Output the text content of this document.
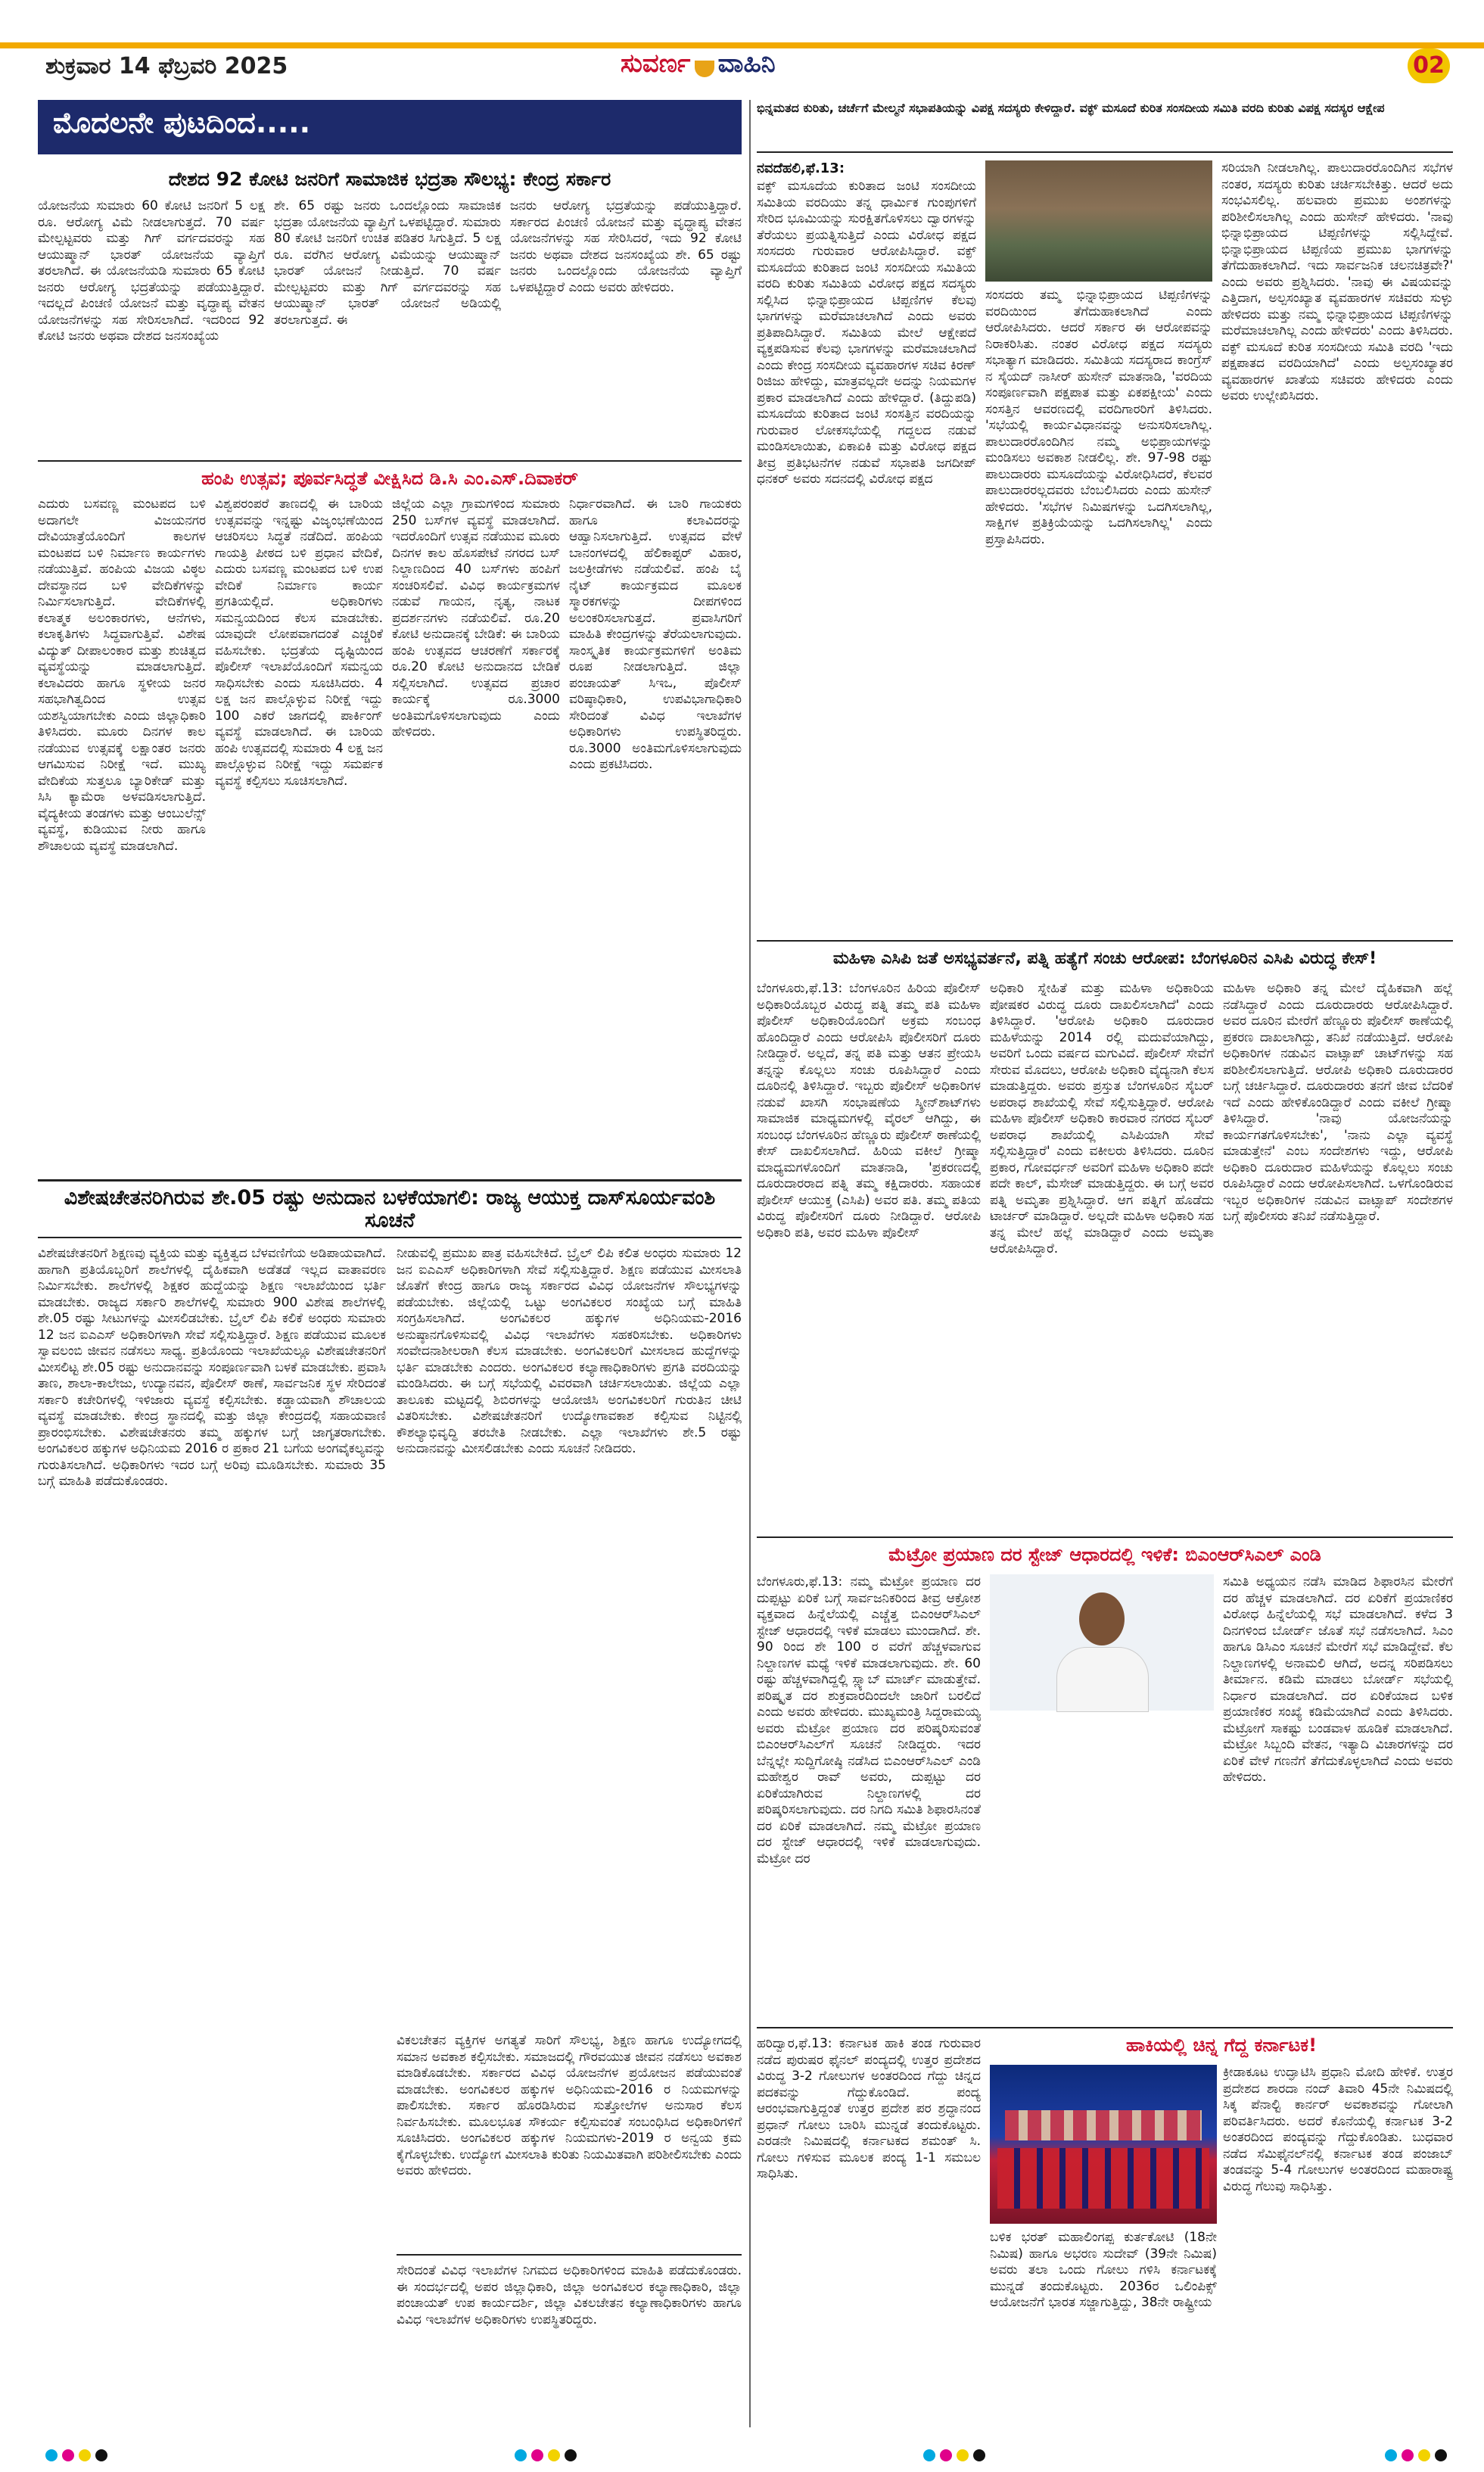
ಶುಕ್ರವಾರ 14 ಫೆಬ್ರವರಿ 2025	ಸುವರ್ಣ ವಾಹಿನಿ	02
ಮೊದಲನೇ ಪುಟದಿಂದ.....	ಭಿನ್ನಮತದ ಕುರಿತು, ಚರ್ಚೆಗೆ ಮೇಲ್ಮನೆ ಸಭಾಪತಿಯನ್ನು ವಿಪಕ್ಷ ಸದಸ್ಯರು ಕೇಳಿದ್ದಾರೆ. ವಕ್ಫ್ ಮಸೂದೆ ಕುರಿತ ಸಂಸದೀಯ ಸಮಿತಿ ವರದಿ ಕುರಿತು ವಿಪಕ್ಷ ಸದಸ್ಯರ ಆಕ್ಷೇಪ
ದೇಶದ 92 ಕೋಟಿ ಜನರಿಗೆ ಸಾಮಾಜಿಕ ಭದ್ರತಾ ಸೌಲಭ್ಯ: ಕೇಂದ್ರ ಸರ್ಕಾರ
ಯೋಜನೆಯ ಸುಮಾರು 60 ಕೋಟಿ ಜನರಿಗೆ 5 ಲಕ್ಷ ರೂ. ಆರೋಗ್ಯ ವಿಮೆ ನೀಡಲಾಗುತ್ತದೆ. 70 ವರ್ಷ ಮೇಲ್ಪಟ್ಟವರು ಮತ್ತು ಗಿಗ್ ವರ್ಗದವರನ್ನು ಸಹ ಆಯುಷ್ಮಾನ್ ಭಾರತ್ ಯೋಜನೆಯ ವ್ಯಾಪ್ತಿಗೆ ತರಲಾಗಿದೆ. ಈ ಯೋಜನೆಯಡಿ ಸುಮಾರು 65 ಕೋಟಿ ಜನರು ಆರೋಗ್ಯ ಭದ್ರತೆಯನ್ನು ಪಡೆಯುತ್ತಿದ್ದಾರೆ. ಇದಲ್ಲದೆ ಪಿಂಚಣಿ ಯೋಜನೆ ಮತ್ತು ವೃದ್ಧಾಪ್ಯ ವೇತನ ಯೋಜನೆಗಳನ್ನು ಸಹ ಸೇರಿಸಲಾಗಿದೆ. ಇದರಿಂದ 92 ಕೋಟಿ ಜನರು ಅಥವಾ ದೇಶದ ಜನಸಂಖ್ಯೆಯ
ಶೇ. 65 ರಷ್ಟು ಜನರು ಒಂದಲ್ಲೊಂದು ಸಾಮಾಜಿಕ ಭದ್ರತಾ ಯೋಜನೆಯ ವ್ಯಾಪ್ತಿಗೆ ಒಳಪಟ್ಟಿದ್ದಾರೆ. ಸುಮಾರು 80 ಕೋಟಿ ಜನರಿಗೆ ಉಚಿತ ಪಡಿತರ ಸಿಗುತ್ತಿದೆ. 5 ಲಕ್ಷ ರೂ. ವರೆಗಿನ ಆರೋಗ್ಯ ವಿಮೆಯನ್ನು ಆಯುಷ್ಮಾನ್ ಭಾರತ್ ಯೋಜನೆ ನೀಡುತ್ತಿದೆ. 70 ವರ್ಷ ಮೇಲ್ಪಟ್ಟವರು ಮತ್ತು ಗಿಗ್ ವರ್ಗದವರನ್ನು ಸಹ ಆಯುಷ್ಮಾನ್ ಭಾರತ್ ಯೋಜನೆ ಅಡಿಯಲ್ಲಿ ತರಲಾಗುತ್ತದೆ. ಈ
ಜನರು ಆರೋಗ್ಯ ಭದ್ರತೆಯನ್ನು ಪಡೆಯುತ್ತಿದ್ದಾರೆ. ಸರ್ಕಾರದ ಪಿಂಚಣಿ ಯೋಜನೆ ಮತ್ತು ವೃದ್ಧಾಪ್ಯ ವೇತನ ಯೋಜನೆಗಳನ್ನು ಸಹ ಸೇರಿಸಿದರೆ, ಇದು 92 ಕೋಟಿ ಜನರು ಅಥವಾ ದೇಶದ ಜನಸಂಖ್ಯೆಯ ಶೇ. 65 ರಷ್ಟು ಜನರು ಒಂದಲ್ಲೊಂದು ಯೋಜನೆಯ ವ್ಯಾಪ್ತಿಗೆ ಒಳಪಟ್ಟಿದ್ದಾರೆ ಎಂದು ಅವರು ಹೇಳಿದರು.
ಹಂಪಿ ಉತ್ಸವ; ಪೂರ್ವಸಿದ್ಧತೆ ವೀಕ್ಷಿಸಿದ ಡಿ.ಸಿ ಎಂ.ಎಸ್.ದಿವಾಕರ್
ಎದುರು ಬಸವಣ್ಣ ಮಂಟಪದ ಬಳಿ ಅದಾಗಲೇ ವಿಜಯನಗರ ದೇವಿಯಾತ್ರೆಯೊಂದಿಗೆ ಕಾಲಗಳ ಮಂಟಪದ ಬಳಿ ನಿರ್ಮಾಣ ಕಾರ್ಯಗಳು ನಡೆಯುತ್ತಿವೆ. ಹಂಪಿಯ ವಿಜಯ ವಿಠ್ಠಲ ದೇವಸ್ಥಾನದ ಬಳಿ ವೇದಿಕೆಗಳನ್ನು ನಿರ್ಮಿಸಲಾಗುತ್ತಿದೆ. ವೇದಿಕೆಗಳಲ್ಲಿ ಕಲಾತ್ಮಕ ಅಲಂಕಾರಗಳು, ಆನೆಗಳು, ಕಲಾಕೃತಿಗಳು ಸಿದ್ಧವಾಗುತ್ತಿವೆ. ವಿಶೇಷ ವಿದ್ಯುತ್ ದೀಪಾಲಂಕಾರ ಮತ್ತು ಶುಚಿತ್ವದ ವ್ಯವಸ್ಥೆಯನ್ನು ಮಾಡಲಾಗುತ್ತಿದೆ. ಕಲಾವಿದರು ಹಾಗೂ ಸ್ಥಳೀಯ ಜನರ ಸಹಭಾಗಿತ್ವದಿಂದ ಉತ್ಸವ ಯಶಸ್ವಿಯಾಗಬೇಕು ಎಂದು ಜಿಲ್ಲಾಧಿಕಾರಿ ತಿಳಿಸಿದರು. ಮೂರು ದಿನಗಳ ಕಾಲ ನಡೆಯುವ ಉತ್ಸವಕ್ಕೆ ಲಕ್ಷಾಂತರ ಜನರು ಆಗಮಿಸುವ ನಿರೀಕ್ಷೆ ಇದೆ. ಮುಖ್ಯ ವೇದಿಕೆಯ ಸುತ್ತಲೂ ಬ್ಯಾರಿಕೇಡ್ ಮತ್ತು ಸಿಸಿ ಕ್ಯಾಮೆರಾ ಅಳವಡಿಸಲಾಗುತ್ತಿದೆ. ವೈದ್ಯಕೀಯ ತಂಡಗಳು ಮತ್ತು ಆಂಬುಲೆನ್ಸ್ ವ್ಯವಸ್ಥೆ, ಕುಡಿಯುವ ನೀರು ಹಾಗೂ ಶೌಚಾಲಯ ವ್ಯವಸ್ಥೆ ಮಾಡಲಾಗಿದೆ.
ವಿಶ್ವಪರಂಪರೆ ತಾಣದಲ್ಲಿ ಈ ಬಾರಿಯ ಉತ್ಸವವನ್ನು ಇನ್ನಷ್ಟು ವಿಜೃಂಭಣೆಯಿಂದ ಆಚರಿಸಲು ಸಿದ್ಧತೆ ನಡೆದಿದೆ. ಹಂಪಿಯ ಗಾಯತ್ರಿ ಪೀಠದ ಬಳಿ ಪ್ರಧಾನ ವೇದಿಕೆ, ಎದುರು ಬಸವಣ್ಣ ಮಂಟಪದ ಬಳಿ ಉಪ ವೇದಿಕೆ ನಿರ್ಮಾಣ ಕಾರ್ಯ ಪ್ರಗತಿಯಲ್ಲಿದೆ. ಅಧಿಕಾರಿಗಳು ಸಮನ್ವಯದಿಂದ ಕೆಲಸ ಮಾಡಬೇಕು. ಯಾವುದೇ ಲೋಪವಾಗದಂತೆ ಎಚ್ಚರಿಕೆ ವಹಿಸಬೇಕು. ಭದ್ರತೆಯ ದೃಷ್ಟಿಯಿಂದ ಪೊಲೀಸ್ ಇಲಾಖೆಯೊಂದಿಗೆ ಸಮನ್ವಯ ಸಾಧಿಸಬೇಕು ಎಂದು ಸೂಚಿಸಿದರು. 4 ಲಕ್ಷ ಜನ ಪಾಲ್ಗೊಳ್ಳುವ ನಿರೀಕ್ಷೆ ಇದ್ದು 100 ಎಕರೆ ಜಾಗದಲ್ಲಿ ಪಾರ್ಕಿಂಗ್ ವ್ಯವಸ್ಥೆ ಮಾಡಲಾಗಿದೆ. ಈ ಬಾರಿಯ ಹಂಪಿ ಉತ್ಸವದಲ್ಲಿ ಸುಮಾರು 4 ಲಕ್ಷ ಜನ ಪಾಲ್ಗೊಳ್ಳುವ ನಿರೀಕ್ಷೆ ಇದ್ದು ಸಮರ್ಪಕ ವ್ಯವಸ್ಥೆ ಕಲ್ಪಿಸಲು ಸೂಚಿಸಲಾಗಿದೆ.
ಜಿಲ್ಲೆಯ ಎಲ್ಲಾ ಗ್ರಾಮಗಳಿಂದ ಸುಮಾರು 250 ಬಸ್‌ಗಳ ವ್ಯವಸ್ಥೆ ಮಾಡಲಾಗಿದೆ. ಇದರೊಂದಿಗೆ ಉತ್ಸವ ನಡೆಯುವ ಮೂರು ದಿನಗಳ ಕಾಲ ಹೊಸಪೇಟೆ ನಗರದ ಬಸ್ ನಿಲ್ದಾಣದಿಂದ 40 ಬಸ್‌ಗಳು ಹಂಪಿಗೆ ಸಂಚರಿಸಲಿವೆ. ವಿವಿಧ ಕಾರ್ಯಕ್ರಮಗಳ ನಡುವೆ ಗಾಯನ, ನೃತ್ಯ, ನಾಟಕ ಪ್ರದರ್ಶನಗಳು ನಡೆಯಲಿವೆ. ರೂ.20 ಕೋಟಿ ಅನುದಾನಕ್ಕೆ ಬೇಡಿಕೆ: ಈ ಬಾರಿಯ ಹಂಪಿ ಉತ್ಸವದ ಆಚರಣೆಗೆ ಸರ್ಕಾರಕ್ಕೆ ರೂ.20 ಕೋಟಿ ಅನುದಾನದ ಬೇಡಿಕೆ ಸಲ್ಲಿಸಲಾಗಿದೆ. ಉತ್ಸವದ ಪ್ರಚಾರ ಕಾರ್ಯಕ್ಕೆ ರೂ.3000 ಅಂತಿಮಗೊಳಿಸಲಾಗುವುದು ಎಂದು ಹೇಳಿದರು.
ನಿರ್ಧಾರವಾಗಿದೆ. ಈ ಬಾರಿ ಗಾಯಕರು ಹಾಗೂ ಕಲಾವಿದರನ್ನು ಆಹ್ವಾನಿಸಲಾಗುತ್ತಿದೆ. ಉತ್ಸವದ ವೇಳೆ ಬಾನಂಗಳದಲ್ಲಿ ಹೆಲಿಕಾಪ್ಟರ್ ವಿಹಾರ, ಜಲಕ್ರೀಡೆಗಳು ನಡೆಯಲಿವೆ. ಹಂಪಿ ಬೈ ನೈಟ್ ಕಾರ್ಯಕ್ರಮದ ಮೂಲಕ ಸ್ಮಾರಕಗಳನ್ನು ದೀಪಗಳಿಂದ ಅಲಂಕರಿಸಲಾಗುತ್ತದೆ. ಪ್ರವಾಸಿಗರಿಗೆ ಮಾಹಿತಿ ಕೇಂದ್ರಗಳನ್ನು ತೆರೆಯಲಾಗುವುದು. ಸಾಂಸ್ಕೃತಿಕ ಕಾರ್ಯಕ್ರಮಗಳಿಗೆ ಅಂತಿಮ ರೂಪ ನೀಡಲಾಗುತ್ತಿದೆ. ಜಿಲ್ಲಾ ಪಂಚಾಯತ್ ಸಿಇಒ, ಪೊಲೀಸ್ ವರಿಷ್ಠಾಧಿಕಾರಿ, ಉಪವಿಭಾಗಾಧಿಕಾರಿ ಸೇರಿದಂತೆ ವಿವಿಧ ಇಲಾಖೆಗಳ ಅಧಿಕಾರಿಗಳು ಉಪಸ್ಥಿತರಿದ್ದರು. ರೂ.3000 ಅಂತಿಮಗೊಳಿಸಲಾಗುವುದು ಎಂದು ಪ್ರಕಟಿಸಿದರು.
ವಿಶೇಷಚೇತನರಿಗಿರುವ ಶೇ.05 ರಷ್ಟು ಅನುದಾನ ಬಳಕೆಯಾಗಲಿ: ರಾಜ್ಯ ಆಯುಕ್ತ ದಾಸ್‌ಸೂರ್ಯವಂಶಿ ಸೂಚನೆ
ವಿಶೇಷಚೇತನರಿಗೆ ಶಿಕ್ಷಣವು ವ್ಯಕ್ತಿಯ ಮತ್ತು ವ್ಯಕ್ತಿತ್ವದ ಬೆಳವಣಿಗೆಯ ಅಡಿಪಾಯವಾಗಿದೆ. ಹಾಗಾಗಿ ಪ್ರತಿಯೊಬ್ಬರಿಗೆ ಶಾಲೆಗಳಲ್ಲಿ ದೈಹಿಕವಾಗಿ ಅಡೆತಡೆ ಇಲ್ಲದ ವಾತಾವರಣ ನಿರ್ಮಿಸಬೇಕು. ಶಾಲೆಗಳಲ್ಲಿ ಶಿಕ್ಷಕರ ಹುದ್ದೆಯನ್ನು ಶಿಕ್ಷಣ ಇಲಾಖೆಯಿಂದ ಭರ್ತಿ ಮಾಡಬೇಕು. ರಾಜ್ಯದ ಸರ್ಕಾರಿ ಶಾಲೆಗಳಲ್ಲಿ ಸುಮಾರು 900 ವಿಶೇಷ ಶಾಲೆಗಳಲ್ಲಿ ಶೇ.05 ರಷ್ಟು ಸೀಟುಗಳನ್ನು ಮೀಸಲಿಡಬೇಕು. ಬ್ರೈಲ್ ಲಿಪಿ ಕಲಿಕೆ ಅಂಧರು ಸುಮಾರು 12 ಜನ ಐಎಎಸ್ ಅಧಿಕಾರಿಗಳಾಗಿ ಸೇವೆ ಸಲ್ಲಿಸುತ್ತಿದ್ದಾರೆ. ಶಿಕ್ಷಣ ಪಡೆಯುವ ಮೂಲಕ ಸ್ವಾವಲಂಬಿ ಜೀವನ ನಡೆಸಲು ಸಾಧ್ಯ. ಪ್ರತಿಯೊಂದು ಇಲಾಖೆಯಲ್ಲೂ ವಿಶೇಷಚೇತನರಿಗೆ ಮೀಸಲಿಟ್ಟ ಶೇ.05 ರಷ್ಟು ಅನುದಾನವನ್ನು ಸಂಪೂರ್ಣವಾಗಿ ಬಳಕೆ ಮಾಡಬೇಕು. ಪ್ರವಾಸಿ ತಾಣ, ಶಾಲಾ-ಕಾಲೇಜು, ಉದ್ಯಾನವನ, ಪೊಲೀಸ್ ಠಾಣೆ, ಸಾರ್ವಜನಿಕ ಸ್ಥಳ ಸೇರಿದಂತೆ ಸರ್ಕಾರಿ ಕಚೇರಿಗಳಲ್ಲಿ ಇಳಿಜಾರು ವ್ಯವಸ್ಥೆ ಕಲ್ಪಿಸಬೇಕು. ಕಡ್ಡಾಯವಾಗಿ ಶೌಚಾಲಯ ವ್ಯವಸ್ಥೆ ಮಾಡಬೇಕು. ಕೇಂದ್ರ ಸ್ಥಾನದಲ್ಲಿ ಮತ್ತು ಜಿಲ್ಲಾ ಕೇಂದ್ರದಲ್ಲಿ ಸಹಾಯವಾಣಿ ಪ್ರಾರಂಭಿಸಬೇಕು. ವಿಶೇಷಚೇತನರು ತಮ್ಮ ಹಕ್ಕುಗಳ ಬಗ್ಗೆ ಜಾಗೃತರಾಗಬೇಕು. ಅಂಗವಿಕಲರ ಹಕ್ಕುಗಳ ಅಧಿನಿಯಮ 2016 ರ ಪ್ರಕಾರ 21 ಬಗೆಯ ಅಂಗವೈಕಲ್ಯವನ್ನು ಗುರುತಿಸಲಾಗಿದೆ. ಅಧಿಕಾರಿಗಳು ಇದರ ಬಗ್ಗೆ ಅರಿವು ಮೂಡಿಸಬೇಕು. ಸುಮಾರು 35 ಬಗ್ಗೆ ಮಾಹಿತಿ ಪಡೆದುಕೊಂಡರು.
ನೀಡುವಲ್ಲಿ ಪ್ರಮುಖ ಪಾತ್ರ ವಹಿಸಬೇಕಿದೆ. ಬ್ರೈಲ್ ಲಿಪಿ ಕಲಿತ ಅಂಧರು ಸುಮಾರು 12 ಜನ ಐಎಎಸ್ ಅಧಿಕಾರಿಗಳಾಗಿ ಸೇವೆ ಸಲ್ಲಿಸುತ್ತಿದ್ದಾರೆ. ಶಿಕ್ಷಣ ಪಡೆಯುವ ಮೀಸಲಾತಿ ಜೊತೆಗೆ ಕೇಂದ್ರ ಹಾಗೂ ರಾಜ್ಯ ಸರ್ಕಾರದ ವಿವಿಧ ಯೋಜನೆಗಳ ಸೌಲಭ್ಯಗಳನ್ನು ಪಡೆಯಬೇಕು. ಜಿಲ್ಲೆಯಲ್ಲಿ ಒಟ್ಟು ಅಂಗವಿಕಲರ ಸಂಖ್ಯೆಯ ಬಗ್ಗೆ ಮಾಹಿತಿ ಸಂಗ್ರಹಿಸಲಾಗಿದೆ. ಅಂಗವಿಕಲರ ಹಕ್ಕುಗಳ ಅಧಿನಿಯಮ-2016 ಅನುಷ್ಠಾನಗೊಳಿಸುವಲ್ಲಿ ವಿವಿಧ ಇಲಾಖೆಗಳು ಸಹಕರಿಸಬೇಕು. ಅಧಿಕಾರಿಗಳು ಸಂವೇದನಾಶೀಲರಾಗಿ ಕೆಲಸ ಮಾಡಬೇಕು. ಅಂಗವಿಕಲರಿಗೆ ಮೀಸಲಾದ ಹುದ್ದೆಗಳನ್ನು ಭರ್ತಿ ಮಾಡಬೇಕು ಎಂದರು. ಅಂಗವಿಕಲರ ಕಲ್ಯಾಣಾಧಿಕಾರಿಗಳು ಪ್ರಗತಿ ವರದಿಯನ್ನು ಮಂಡಿಸಿದರು. ಈ ಬಗ್ಗೆ ಸಭೆಯಲ್ಲಿ ವಿವರವಾಗಿ ಚರ್ಚಿಸಲಾಯಿತು. ಜಿಲ್ಲೆಯ ಎಲ್ಲಾ ತಾಲೂಕು ಮಟ್ಟದಲ್ಲಿ ಶಿಬಿರಗಳನ್ನು ಆಯೋಜಿಸಿ ಅಂಗವಿಕಲರಿಗೆ ಗುರುತಿನ ಚೀಟಿ ವಿತರಿಸಬೇಕು. ವಿಶೇಷಚೇತನರಿಗೆ ಉದ್ಯೋಗಾವಕಾಶ ಕಲ್ಪಿಸುವ ನಿಟ್ಟಿನಲ್ಲಿ ಕೌಶಲ್ಯಾಭಿವೃದ್ಧಿ ತರಬೇತಿ ನೀಡಬೇಕು. ಎಲ್ಲಾ ಇಲಾಖೆಗಳು ಶೇ.5 ರಷ್ಟು ಅನುದಾನವನ್ನು ಮೀಸಲಿಡಬೇಕು ಎಂದು ಸೂಚನೆ ನೀಡಿದರು.
ವಿಕಲಚೇತನ ವ್ಯಕ್ತಿಗಳ ಅಗತ್ಯತೆ ಸಾರಿಗೆ ಸೌಲಭ್ಯ, ಶಿಕ್ಷಣ ಹಾಗೂ ಉದ್ಯೋಗದಲ್ಲಿ ಸಮಾನ ಅವಕಾಶ ಕಲ್ಪಿಸಬೇಕು. ಸಮಾಜದಲ್ಲಿ ಗೌರವಯುತ ಜೀವನ ನಡೆಸಲು ಅವಕಾಶ ಮಾಡಿಕೊಡಬೇಕು. ಸರ್ಕಾರದ ವಿವಿಧ ಯೋಜನೆಗಳ ಪ್ರಯೋಜನ ಪಡೆಯುವಂತೆ ಮಾಡಬೇಕು. ಅಂಗವಿಕಲರ ಹಕ್ಕುಗಳ ಅಧಿನಿಯಮ-2016 ರ ನಿಯಮಗಳನ್ನು ಪಾಲಿಸಬೇಕು. ಸರ್ಕಾರ ಹೊರಡಿಸಿರುವ ಸುತ್ತೋಲೆಗಳ ಅನುಸಾರ ಕೆಲಸ ನಿರ್ವಹಿಸಬೇಕು. ಮೂಲಭೂತ ಸೌಕರ್ಯ ಕಲ್ಪಿಸುವಂತೆ ಸಂಬಂಧಿಸಿದ ಅಧಿಕಾರಿಗಳಿಗೆ ಸೂಚಿಸಿದರು. ಅಂಗವಿಕಲರ ಹಕ್ಕುಗಳ ನಿಯಮಗಳು-2019 ರ ಅನ್ವಯ ಕ್ರಮ ಕೈಗೊಳ್ಳಬೇಕು. ಉದ್ಯೋಗ ಮೀಸಲಾತಿ ಕುರಿತು ನಿಯಮಿತವಾಗಿ ಪರಿಶೀಲಿಸಬೇಕು ಎಂದು ಅವರು ಹೇಳಿದರು.
ಸೇರಿದಂತೆ ವಿವಿಧ ಇಲಾಖೆಗಳ ನಿಗಮದ ಅಧಿಕಾರಿಗಳಿಂದ ಮಾಹಿತಿ ಪಡೆದುಕೊಂಡರು. ಈ ಸಂದರ್ಭದಲ್ಲಿ ಅಪರ ಜಿಲ್ಲಾಧಿಕಾರಿ, ಜಿಲ್ಲಾ ಅಂಗವಿಕಲರ ಕಲ್ಯಾಣಾಧಿಕಾರಿ, ಜಿಲ್ಲಾ ಪಂಚಾಯತ್ ಉಪ ಕಾರ್ಯದರ್ಶಿ, ಜಿಲ್ಲಾ ವಿಕಲಚೇತನ ಕಲ್ಯಾಣಾಧಿಕಾರಿಗಳು ಹಾಗೂ ವಿವಿಧ ಇಲಾಖೆಗಳ ಅಧಿಕಾರಿಗಳು ಉಪಸ್ಥಿತರಿದ್ದರು.
ನವದೆಹಲಿ,ಫೆ.13:
ವಕ್ಫ್ ಮಸೂದೆಯ ಕುರಿತಾದ ಜಂಟಿ ಸಂಸದೀಯ ಸಮಿತಿಯ ವರದಿಯು ತನ್ನ ಧಾರ್ಮಿಕ ಗುಂಪುಗಳಿಗೆ ಸೇರಿದ ಭೂಮಿಯನ್ನು ಸುರಕ್ಷಿತಗೊಳಿಸಲು ದ್ವಾರಗಳನ್ನು ತೆರೆಯಲು ಪ್ರಯತ್ನಿಸುತ್ತಿದೆ ಎಂದು ವಿರೋಧ ಪಕ್ಷದ ಸಂಸದರು ಗುರುವಾರ ಆರೋಪಿಸಿದ್ದಾರೆ. ವಕ್ಫ್ ಮಸೂದೆಯ ಕುರಿತಾದ ಜಂಟಿ ಸಂಸದೀಯ ಸಮಿತಿಯ ವರದಿ ಕುರಿತು ಸಮಿತಿಯ ವಿರೋಧ ಪಕ್ಷದ ಸದಸ್ಯರು ಸಲ್ಲಿಸಿದ ಭಿನ್ನಾಭಿಪ್ರಾಯದ ಟಿಪ್ಪಣಿಗಳ ಕೆಲವು ಭಾಗಗಳನ್ನು ಮರೆಮಾಚಲಾಗಿದೆ ಎಂದು ಅವರು ಪ್ರತಿಪಾದಿಸಿದ್ದಾರೆ. ಸಮಿತಿಯ ಮೇಲೆ ಆಕ್ಷೇಪದೆ ವ್ಯಕ್ತಪಡಿಸುವ ಕೆಲವು ಭಾಗಗಳನ್ನು ಮರೆಮಾಚಲಾಗಿದೆ ಎಂದು ಕೇಂದ್ರ ಸಂಸದೀಯ ವ್ಯವಹಾರಗಳ ಸಚಿವ ಕಿರಣ್ ರಿಜಿಜು ಹೇಳಿದ್ದು, ಮಾತ್ರವಲ್ಲದೇ ಅದನ್ನು ನಿಯಮಗಳ ಪ್ರಕಾರ ಮಾಡಲಾಗಿದೆ ಎಂದು ಹೇಳಿದ್ದಾರೆ. (ತಿದ್ದುಪಡಿ) ಮಸೂದೆಯ ಕುರಿತಾದ ಜಂಟಿ ಸಂಸತ್ತಿನ ವರದಿಯನ್ನು ಗುರುವಾರ ಲೋಕಸಭೆಯಲ್ಲಿ ಗದ್ದಲದ ನಡುವೆ ಮಂಡಿಸಲಾಯಿತು, ಏಕಾಏಕಿ ಮತ್ತು ವಿರೋಧ ಪಕ್ಷದ ತೀವ್ರ ಪ್ರತಿಭಟನೆಗಳ ನಡುವೆ ಸಭಾಪತಿ ಜಗದೀಪ್ ಧನಕರ್ ಅವರು ಸದನದಲ್ಲಿ ವಿರೋಧ ಪಕ್ಷದ
ಸಂಸದರು ತಮ್ಮ ಭಿನ್ನಾಭಿಪ್ರಾಯದ ಟಿಪ್ಪಣಿಗಳನ್ನು ವರದಿಯಿಂದ ತೆಗೆದುಹಾಕಲಾಗಿದೆ ಎಂದು ಆರೋಪಿಸಿದರು. ಆದರೆ ಸರ್ಕಾರ ಈ ಆರೋಪವನ್ನು ನಿರಾಕರಿಸಿತು. ನಂತರ ವಿರೋಧ ಪಕ್ಷದ ಸದಸ್ಯರು ಸಭಾತ್ಯಾಗ ಮಾಡಿದರು. ಸಮಿತಿಯ ಸದಸ್ಯರಾದ ಕಾಂಗ್ರೆಸ್ ನ ಸೈಯದ್ ನಾಸೀರ್ ಹುಸೇನ್ ಮಾತನಾಡಿ, 'ವರದಿಯ ಸಂಪೂರ್ಣವಾಗಿ ಪಕ್ಷಪಾತ ಮತ್ತು ಏಕಪಕ್ಷೀಯ' ಎಂದು ಸಂಸತ್ತಿನ ಆವರಣದಲ್ಲಿ ವರದಿಗಾರರಿಗೆ ತಿಳಿಸಿದರು. 'ಸಭೆಯಲ್ಲಿ ಕಾರ್ಯವಿಧಾನವನ್ನು ಅನುಸರಿಸಲಾಗಿಲ್ಲ. ಪಾಲುದಾರರೊಂದಿಗಿನ ನಮ್ಮ ಅಭಿಪ್ರಾಯಗಳನ್ನು ಮಂಡಿಸಲು ಅವಕಾಶ ನೀಡಲಿಲ್ಲ. ಶೇ. 97-98 ರಷ್ಟು ಪಾಲುದಾರರು ಮಸೂದೆಯನ್ನು ವಿರೋಧಿಸಿದರೆ, ಕೆಲವರ ಪಾಲುದಾರರಲ್ಲದವರು ಬೆಂಬಲಿಸಿದರು ಎಂದು ಹುಸೇನ್ ಹೇಳಿದರು. 'ಸಭೆಗಳ ನಿಮಿಷಗಳನ್ನು ಒದಗಿಸಲಾಗಿಲ್ಲ, ಸಾಕ್ಷಿಗಳ ಪ್ರತಿಕ್ರಿಯೆಯನ್ನು ಒದಗಿಸಲಾಗಿಲ್ಲ' ಎಂದು ಪ್ರಸ್ತಾಪಿಸಿದರು.
ಸರಿಯಾಗಿ ನೀಡಲಾಗಿಲ್ಲ. ಪಾಲುದಾರರೊಂದಿಗಿನ ಸಭೆಗಳ ನಂತರ, ಸದಸ್ಯರು ಕುರಿತು ಚರ್ಚಿಸಬೇಕಿತ್ತು. ಆದರೆ ಅದು ಸಂಭವಿಸಲಿಲ್ಲ. ಹಲವಾರು ಪ್ರಮುಖ ಅಂಶಗಳನ್ನು ಪರಿಶೀಲಿಸಲಾಗಿಲ್ಲ ಎಂದು ಹುಸೇನ್ ಹೇಳಿದರು. 'ನಾವು ಭಿನ್ನಾಭಿಪ್ರಾಯದ ಟಿಪ್ಪಣಿಗಳನ್ನು ಸಲ್ಲಿಸಿದ್ದೇವೆ. ಭಿನ್ನಾಭಿಪ್ರಾಯದ ಟಿಪ್ಪಣಿಯ ಪ್ರಮುಖ ಭಾಗಗಳನ್ನು ತೆಗೆದುಹಾಕಲಾಗಿದೆ. ಇದು ಸಾರ್ವಜನಿಕ ಚಲನಚಿತ್ರವೇ?' ಎಂದು ಅವರು ಪ್ರಶ್ನಿಸಿದರು. 'ನಾವು ಈ ವಿಷಯವನ್ನು ಎತ್ತಿದಾಗ, ಅಲ್ಪಸಂಖ್ಯಾತ ವ್ಯವಹಾರಗಳ ಸಚಿವರು ಸುಳ್ಳು ಹೇಳಿದರು ಮತ್ತು ನಮ್ಮ ಭಿನ್ನಾಭಿಪ್ರಾಯದ ಟಿಪ್ಪಣಿಗಳನ್ನು ಮರೆಮಾಚಲಾಗಿಲ್ಲ ಎಂದು ಹೇಳಿದರು' ಎಂದು ತಿಳಿಸಿದರು. ವಕ್ಫ್ ಮಸೂದೆ ಕುರಿತ ಸಂಸದೀಯ ಸಮಿತಿ ವರದಿ 'ಇದು ಪಕ್ಷಪಾತದ ವರದಿಯಾಗಿದೆ' ಎಂದು ಅಲ್ಪಸಂಖ್ಯಾತರ ವ್ಯವಹಾರಗಳ ಖಾತೆಯ ಸಚಿವರು ಹೇಳಿದರು ಎಂದು ಅವರು ಉಲ್ಲೇಖಿಸಿದರು.
ಮಹಿಳಾ ಎಸಿಪಿ ಜತೆ ಅಸಭ್ಯವರ್ತನೆ, ಪತ್ನಿ ಹತ್ಯೆಗೆ ಸಂಚು ಆರೋಪ: ಬೆಂಗಳೂರಿನ ಎಸಿಪಿ ವಿರುದ್ಧ ಕೇಸ್!
ಬೆಂಗಳೂರು,ಫೆ.13: ಬೆಂಗಳೂರಿನ ಹಿರಿಯ ಪೊಲೀಸ್ ಅಧಿಕಾರಿಯೊಬ್ಬರ ವಿರುದ್ಧ ಪತ್ನಿ ತಮ್ಮ ಪತಿ ಮಹಿಳಾ ಪೊಲೀಸ್ ಅಧಿಕಾರಿಯೊಂದಿಗೆ ಅಕ್ರಮ ಸಂಬಂಧ ಹೊಂದಿದ್ದಾರೆ ಎಂದು ಆರೋಪಿಸಿ ಪೊಲೀಸರಿಗೆ ದೂರು ನೀಡಿದ್ದಾರೆ. ಅಲ್ಲದೆ, ತನ್ನ ಪತಿ ಮತ್ತು ಆತನ ಪ್ರೇಯಸಿ ತನ್ನನ್ನು ಕೊಲ್ಲಲು ಸಂಚು ರೂಪಿಸಿದ್ದಾರೆ ಎಂದು ದೂರಿನಲ್ಲಿ ತಿಳಿಸಿದ್ದಾರೆ. ಇಬ್ಬರು ಪೊಲೀಸ್ ಅಧಿಕಾರಿಗಳ ನಡುವೆ ಖಾಸಗಿ ಸಂಭಾಷಣೆಯ ಸ್ಕ್ರೀನ್‌ಶಾಟ್‌ಗಳು ಸಾಮಾಜಿಕ ಮಾಧ್ಯಮಗಳಲ್ಲಿ ವೈರಲ್ ಆಗಿದ್ದು, ಈ ಸಂಬಂಧ ಬೆಂಗಳೂರಿನ ಹೆಣ್ಣೂರು ಪೊಲೀಸ್ ಠಾಣೆಯಲ್ಲಿ ಕೇಸ್ ದಾಖಲಿಸಲಾಗಿದೆ. ಹಿರಿಯ ವಕೀಲೆ ಗ್ರೀಷ್ಮಾ ಮಾಧ್ಯಮಗಳೊಂದಿಗೆ ಮಾತನಾಡಿ, 'ಪ್ರಕರಣದಲ್ಲಿ ದೂರುದಾರರಾದ ಪತ್ನಿ ತಮ್ಮ ಕಕ್ಷಿದಾರರು. ಸಹಾಯಕ ಪೊಲೀಸ್ ಆಯುಕ್ತ (ಎಸಿಪಿ) ಅವರ ಪತಿ. ತಮ್ಮ ಪತಿಯ ವಿರುದ್ಧ ಪೊಲೀಸರಿಗೆ ದೂರು ನೀಡಿದ್ದಾರೆ. ಆರೋಪಿ ಅಧಿಕಾರಿ ಪತಿ, ಅವರ ಮಹಿಳಾ ಪೊಲೀಸ್
ಅಧಿಕಾರಿ ಸ್ನೇಹಿತೆ ಮತ್ತು ಮಹಿಳಾ ಅಧಿಕಾರಿಯ ಪೋಷಕರ ವಿರುದ್ಧ ದೂರು ದಾಖಲಿಸಲಾಗಿದೆ' ಎಂದು ತಿಳಿಸಿದ್ದಾರೆ. 'ಆರೋಪಿ ಅಧಿಕಾರಿ ದೂರುದಾರ ಮಹಿಳೆಯನ್ನು 2014 ರಲ್ಲಿ ಮದುವೆಯಾಗಿದ್ದು, ಅವರಿಗೆ ಒಂದು ವರ್ಷದ ಮಗುವಿದೆ. ಪೊಲೀಸ್ ಸೇವೆಗೆ ಸೇರುವ ಮೊದಲು, ಆರೋಪಿ ಅಧಿಕಾರಿ ವೈದ್ಯನಾಗಿ ಕೆಲಸ ಮಾಡುತ್ತಿದ್ದರು. ಅವರು ಪ್ರಸ್ತುತ ಬೆಂಗಳೂರಿನ ಸೈಬರ್ ಅಪರಾಧ ಶಾಖೆಯಲ್ಲಿ ಸೇವೆ ಸಲ್ಲಿಸುತ್ತಿದ್ದಾರೆ. ಆರೋಪಿ ಮಹಿಳಾ ಪೊಲೀಸ್ ಅಧಿಕಾರಿ ಕಾರವಾರ ನಗರದ ಸೈಬರ್ ಅಪರಾಧ ಶಾಖೆಯಲ್ಲಿ ಎಸಿಪಿಯಾಗಿ ಸೇವೆ ಸಲ್ಲಿಸುತ್ತಿದ್ದಾರೆ' ಎಂದು ವಕೀಲರು ತಿಳಿಸಿದರು. ದೂರಿನ ಪ್ರಕಾರ, ಗೋವರ್ಧನ್ ಅವರಿಗೆ ಮಹಿಳಾ ಅಧಿಕಾರಿ ಪದೇ ಪದೇ ಕಾಲ್, ಮೆಸೇಜ್ ಮಾಡುತ್ತಿದ್ದರು. ಈ ಬಗ್ಗೆ ಅವರ ಪತ್ನಿ ಅಮೃತಾ ಪ್ರಶ್ನಿಸಿದ್ದಾರೆ. ಆಗ ಪತ್ನಿಗೆ ಹೊಡೆದು ಟಾರ್ಚರ್ ಮಾಡಿದ್ದಾರೆ. ಅಲ್ಲದೇ ಮಹಿಳಾ ಅಧಿಕಾರಿ ಸಹ ತನ್ನ ಮೇಲೆ ಹಲ್ಲೆ ಮಾಡಿದ್ದಾರೆ ಎಂದು ಅಮೃತಾ ಆರೋಪಿಸಿದ್ದಾರೆ.
ಮಹಿಳಾ ಅಧಿಕಾರಿ ತನ್ನ ಮೇಲೆ ದೈಹಿಕವಾಗಿ ಹಲ್ಲೆ ನಡೆಸಿದ್ದಾರೆ ಎಂದು ದೂರುದಾರರು ಆರೋಪಿಸಿದ್ದಾರೆ. ಅವರ ದೂರಿನ ಮೇರೆಗೆ ಹೆಣ್ಣೂರು ಪೊಲೀಸ್ ಠಾಣೆಯಲ್ಲಿ ಪ್ರಕರಣ ದಾಖಲಾಗಿದ್ದು, ತನಿಖೆ ನಡೆಯುತ್ತಿದೆ. ಆರೋಪಿ ಅಧಿಕಾರಿಗಳ ನಡುವಿನ ವಾಟ್ಸಾಪ್ ಚಾಟ್‌ಗಳನ್ನು ಸಹ ಪರಿಶೀಲಿಸಲಾಗುತ್ತಿದೆ. ಆರೋಪಿ ಅಧಿಕಾರಿ ದೂರುದಾರರ ಬಗ್ಗೆ ಚರ್ಚಿಸಿದ್ದಾರೆ. ದೂರುದಾರರು ತನಗೆ ಜೀವ ಬೆದರಿಕೆ ಇದೆ ಎಂದು ಹೇಳಿಕೊಂಡಿದ್ದಾರೆ ಎಂದು ವಕೀಲೆ ಗ್ರೀಷ್ಮಾ ತಿಳಿಸಿದ್ದಾರೆ. 'ನಾವು ಯೋಜನೆಯನ್ನು ಕಾರ್ಯಗತಗೊಳಿಸಬೇಕು', 'ನಾನು ಎಲ್ಲಾ ವ್ಯವಸ್ಥೆ ಮಾಡುತ್ತೇನೆ' ಎಂಬ ಸಂದೇಶಗಳು ಇದ್ದು, ಆರೋಪಿ ಅಧಿಕಾರಿ ದೂರುದಾರ ಮಹಿಳೆಯನ್ನು ಕೊಲ್ಲಲು ಸಂಚು ರೂಪಿಸಿದ್ದಾರೆ ಎಂದು ಆರೋಪಿಸಲಾಗಿದೆ. ಒಳಗೊಂಡಿರುವ ಇಬ್ಬರ ಅಧಿಕಾರಿಗಳ ನಡುವಿನ ವಾಟ್ಸಾಪ್ ಸಂದೇಶಗಳ ಬಗ್ಗೆ ಪೊಲೀಸರು ತನಿಖೆ ನಡೆಸುತ್ತಿದ್ದಾರೆ.
ಮೆಟ್ರೋ ಪ್ರಯಾಣ ದರ ಸ್ಟೇಜ್ ಆಧಾರದಲ್ಲಿ ಇಳಿಕೆ: ಬಿಎಂಆರ್‌ಸಿಎಲ್ ಎಂಡಿ
ಬೆಂಗಳೂರು,ಫೆ.13: ನಮ್ಮ ಮೆಟ್ರೋ ಪ್ರಯಾಣ ದರ ದುಪ್ಪಟ್ಟು ಏರಿಕೆ ಬಗ್ಗೆ ಸಾರ್ವಜನಿಕರಿಂದ ತೀವ್ರ ಆಕ್ರೋಶ ವ್ಯಕ್ತವಾದ ಹಿನ್ನೆಲೆಯಲ್ಲಿ ಎಚ್ಚೆತ್ತ ಬಿಎಂಆರ್‌ಸಿಎಲ್ ಸ್ಟೇಜ್ ಆಧಾರದಲ್ಲಿ ಇಳಿಕೆ ಮಾಡಲು ಮುಂದಾಗಿದೆ. ಶೇ. 90 ರಿಂದ ಶೇ 100 ರ ವರೆಗೆ ಹೆಚ್ಚಳವಾಗುವ ನಿಲ್ದಾಣಗಳ ಮಧ್ಯೆ ಇಳಿಕೆ ಮಾಡಲಾಗುವುದು. ಶೇ. 60 ರಷ್ಟು ಹೆಚ್ಚಳವಾಗಿದ್ದಲ್ಲಿ ಸ್ಲ್ಯಾಬ್ ಮಾರ್ಚ್ ಮಾಡುತ್ತೇವೆ. ಪರಿಷ್ಕೃತ ದರ ಶುಕ್ರವಾರದಿಂದಲೇ ಜಾರಿಗೆ ಬರಲಿದೆ ಎಂದು ಅವರು ಹೇಳಿದರು. ಮುಖ್ಯಮಂತ್ರಿ ಸಿದ್ದರಾಮಯ್ಯ ಅವರು ಮೆಟ್ರೋ ಪ್ರಯಾಣ ದರ ಪರಿಷ್ಕರಿಸುವಂತೆ ಬಿಎಂಆರ್‌ಸಿಎಲ್‌ಗೆ ಸೂಚನೆ ನೀಡಿದ್ದರು. ಇದರ ಬೆನ್ನಲ್ಲೇ ಸುದ್ದಿಗೋಷ್ಠಿ ನಡೆಸಿದ ಬಿಎಂಆರ್‌ಸಿಎಲ್ ಎಂಡಿ ಮಹೇಶ್ವರ ರಾವ್ ಅವರು, ದುಪ್ಪಟ್ಟು ದರ ಏರಿಕೆಯಾಗಿರುವ ನಿಲ್ದಾಣಗಳಲ್ಲಿ ದರ ಪರಿಷ್ಕರಿಸಲಾಗುವುದು. ದರ ನಿಗದಿ ಸಮಿತಿ ಶಿಫಾರಸಿನಂತೆ ದರ ಏರಿಕೆ ಮಾಡಲಾಗಿದೆ. ನಮ್ಮ ಮೆಟ್ರೋ ಪ್ರಯಾಣ ದರ ಸ್ಟೇಜ್ ಆಧಾರದಲ್ಲಿ ಇಳಿಕೆ ಮಾಡಲಾಗುವುದು. ಮೆಟ್ರೋ ದರ
ಸಮಿತಿ ಅಧ್ಯಯನ ನಡೆಸಿ ಮಾಡಿದ ಶಿಫಾರಸಿನ ಮೇರೆಗೆ ದರ ಹೆಚ್ಚಳ ಮಾಡಲಾಗಿದೆ. ದರ ಏರಿಕೆಗೆ ಪ್ರಯಾಣಿಕರ ವಿರೋಧ ಹಿನ್ನೆಲೆಯಲ್ಲಿ ಸಭೆ ಮಾಡಲಾಗಿದೆ. ಕಳೆದ 3 ದಿನಗಳಿಂದ ಬೋರ್ಡ್ ಜೊತೆ ಸಭೆ ನಡೆಸಲಾಗಿದೆ. ಸಿಎಂ ಹಾಗೂ ಡಿಸಿಎಂ ಸೂಚನೆ ಮೇರೆಗೆ ಸಭೆ ಮಾಡಿದ್ದೇವೆ. ಕೆಲ ನಿಲ್ದಾಣಗಳಲ್ಲಿ ಅನಾಮಲಿ ಆಗಿದೆ, ಅದನ್ನ ಸರಿಪಡಿಸಲು ತೀರ್ಮಾನ. ಕಡಿಮೆ ಮಾಡಲು ಬೋರ್ಡ್ ಸಭೆಯಲ್ಲಿ ನಿರ್ಧಾರ ಮಾಡಲಾಗಿದೆ. ದರ ಏರಿಕೆಯಾದ ಬಳಿಕ ಪ್ರಯಾಣಿಕರ ಸಂಖ್ಯೆ ಕಡಿಮೆಯಾಗಿದೆ ಎಂದು ತಿಳಿಸಿದರು. ಮೆಟ್ರೋಗೆ ಸಾಕಷ್ಟು ಬಂಡವಾಳ ಹೂಡಿಕೆ ಮಾಡಲಾಗಿದೆ. ಮೆಟ್ರೋ ಸಿಬ್ಬಂದಿ ವೇತನ, ಇತ್ಯಾದಿ ವಿಚಾರಗಳನ್ನು ದರ ಏರಿಕೆ ವೇಳೆ ಗಣನೆಗೆ ತೆಗೆದುಕೊಳ್ಳಲಾಗಿದೆ ಎಂದು ಅವರು ಹೇಳಿದರು.
ಹಾಕಿಯಲ್ಲಿ ಚಿನ್ನ ಗೆದ್ದ ಕರ್ನಾಟಕ!
ಹರಿದ್ವಾರ,ಫೆ.13: ಕರ್ನಾಟಕ ಹಾಕಿ ತಂಡ ಗುರುವಾರ ನಡೆದ ಪುರುಷರ ಫೈನಲ್ ಪಂದ್ಯದಲ್ಲಿ ಉತ್ತರ ಪ್ರದೇಶದ ವಿರುದ್ಧ 3-2 ಗೋಲುಗಳ ಅಂತರದಿಂದ ಗೆದ್ದು ಚಿನ್ನದ ಪದಕವನ್ನು ಗೆದ್ದುಕೊಂಡಿದೆ. ಪಂದ್ಯ ಆರಂಭವಾಗುತ್ತಿದ್ದಂತೆ ಉತ್ತರ ಪ್ರದೇಶ ಪರ ಶ್ರದ್ಧಾನಂದ ಪ್ರಧಾನ್ ಗೋಲು ಬಾರಿಸಿ ಮುನ್ನಡೆ ತಂದುಕೊಟ್ಟರು. ಎರಡನೇ ನಿಮಿಷದಲ್ಲಿ ಕರ್ನಾಟಕದ ಶಮಂತ್ ಸಿ. ಗೋಲು ಗಳಿಸುವ ಮೂಲಕ ಪಂದ್ಯ 1-1 ಸಮಬಲ ಸಾಧಿಸಿತು.
ಬಳಿಕ ಭರತ್ ಮಹಾಲಿಂಗಪ್ಪ ಕುರ್ತಕೋಟಿ (18ನೇ ನಿಮಿಷ) ಹಾಗೂ ಅಭರಣ ಸುದೇವ್ (39ನೇ ನಿಮಿಷ) ಅವರು ತಲಾ ಒಂದು ಗೋಲು ಗಳಿಸಿ ಕರ್ನಾಟಕಕ್ಕೆ ಮುನ್ನಡೆ ತಂದುಕೊಟ್ಟರು. 2036ರ ಒಲಿಂಪಿಕ್ಸ್ ಆಯೋಜನೆಗೆ ಭಾರತ ಸಜ್ಜಾಗುತ್ತಿದ್ದು, 38ನೇ ರಾಷ್ಟ್ರೀಯ
ಕ್ರೀಡಾಕೂಟ ಉದ್ಘಾಟಿಸಿ ಪ್ರಧಾನಿ ಮೋದಿ ಹೇಳಿಕೆ. ಉತ್ತರ ಪ್ರದೇಶದ ಶಾರದಾ ನಂದ್ ತಿವಾರಿ 45ನೇ ನಿಮಿಷದಲ್ಲಿ ಸಿಕ್ಕ ಪೆನಾಲ್ಟಿ ಕಾರ್ನರ್ ಅವಕಾಶವನ್ನು ಗೋಲಾಗಿ ಪರಿವರ್ತಿಸಿದರು. ಅದರೆ ಕೊನೆಯಲ್ಲಿ ಕರ್ನಾಟಕ 3-2 ಅಂತರದಿಂದ ಪಂದ್ಯವನ್ನು ಗೆದ್ದುಕೊಂಡಿತು. ಬುಧವಾರ ನಡೆದ ಸೆಮಿಫೈನಲ್‌ನಲ್ಲಿ ಕರ್ನಾಟಕ ತಂಡ ಪಂಜಾಬ್ ತಂಡವನ್ನು 5-4 ಗೋಲುಗಳ ಅಂತರದಿಂದ ಮಹಾರಾಷ್ಟ್ರ ವಿರುದ್ಧ ಗೆಲುವು ಸಾಧಿಸಿತ್ತು.
